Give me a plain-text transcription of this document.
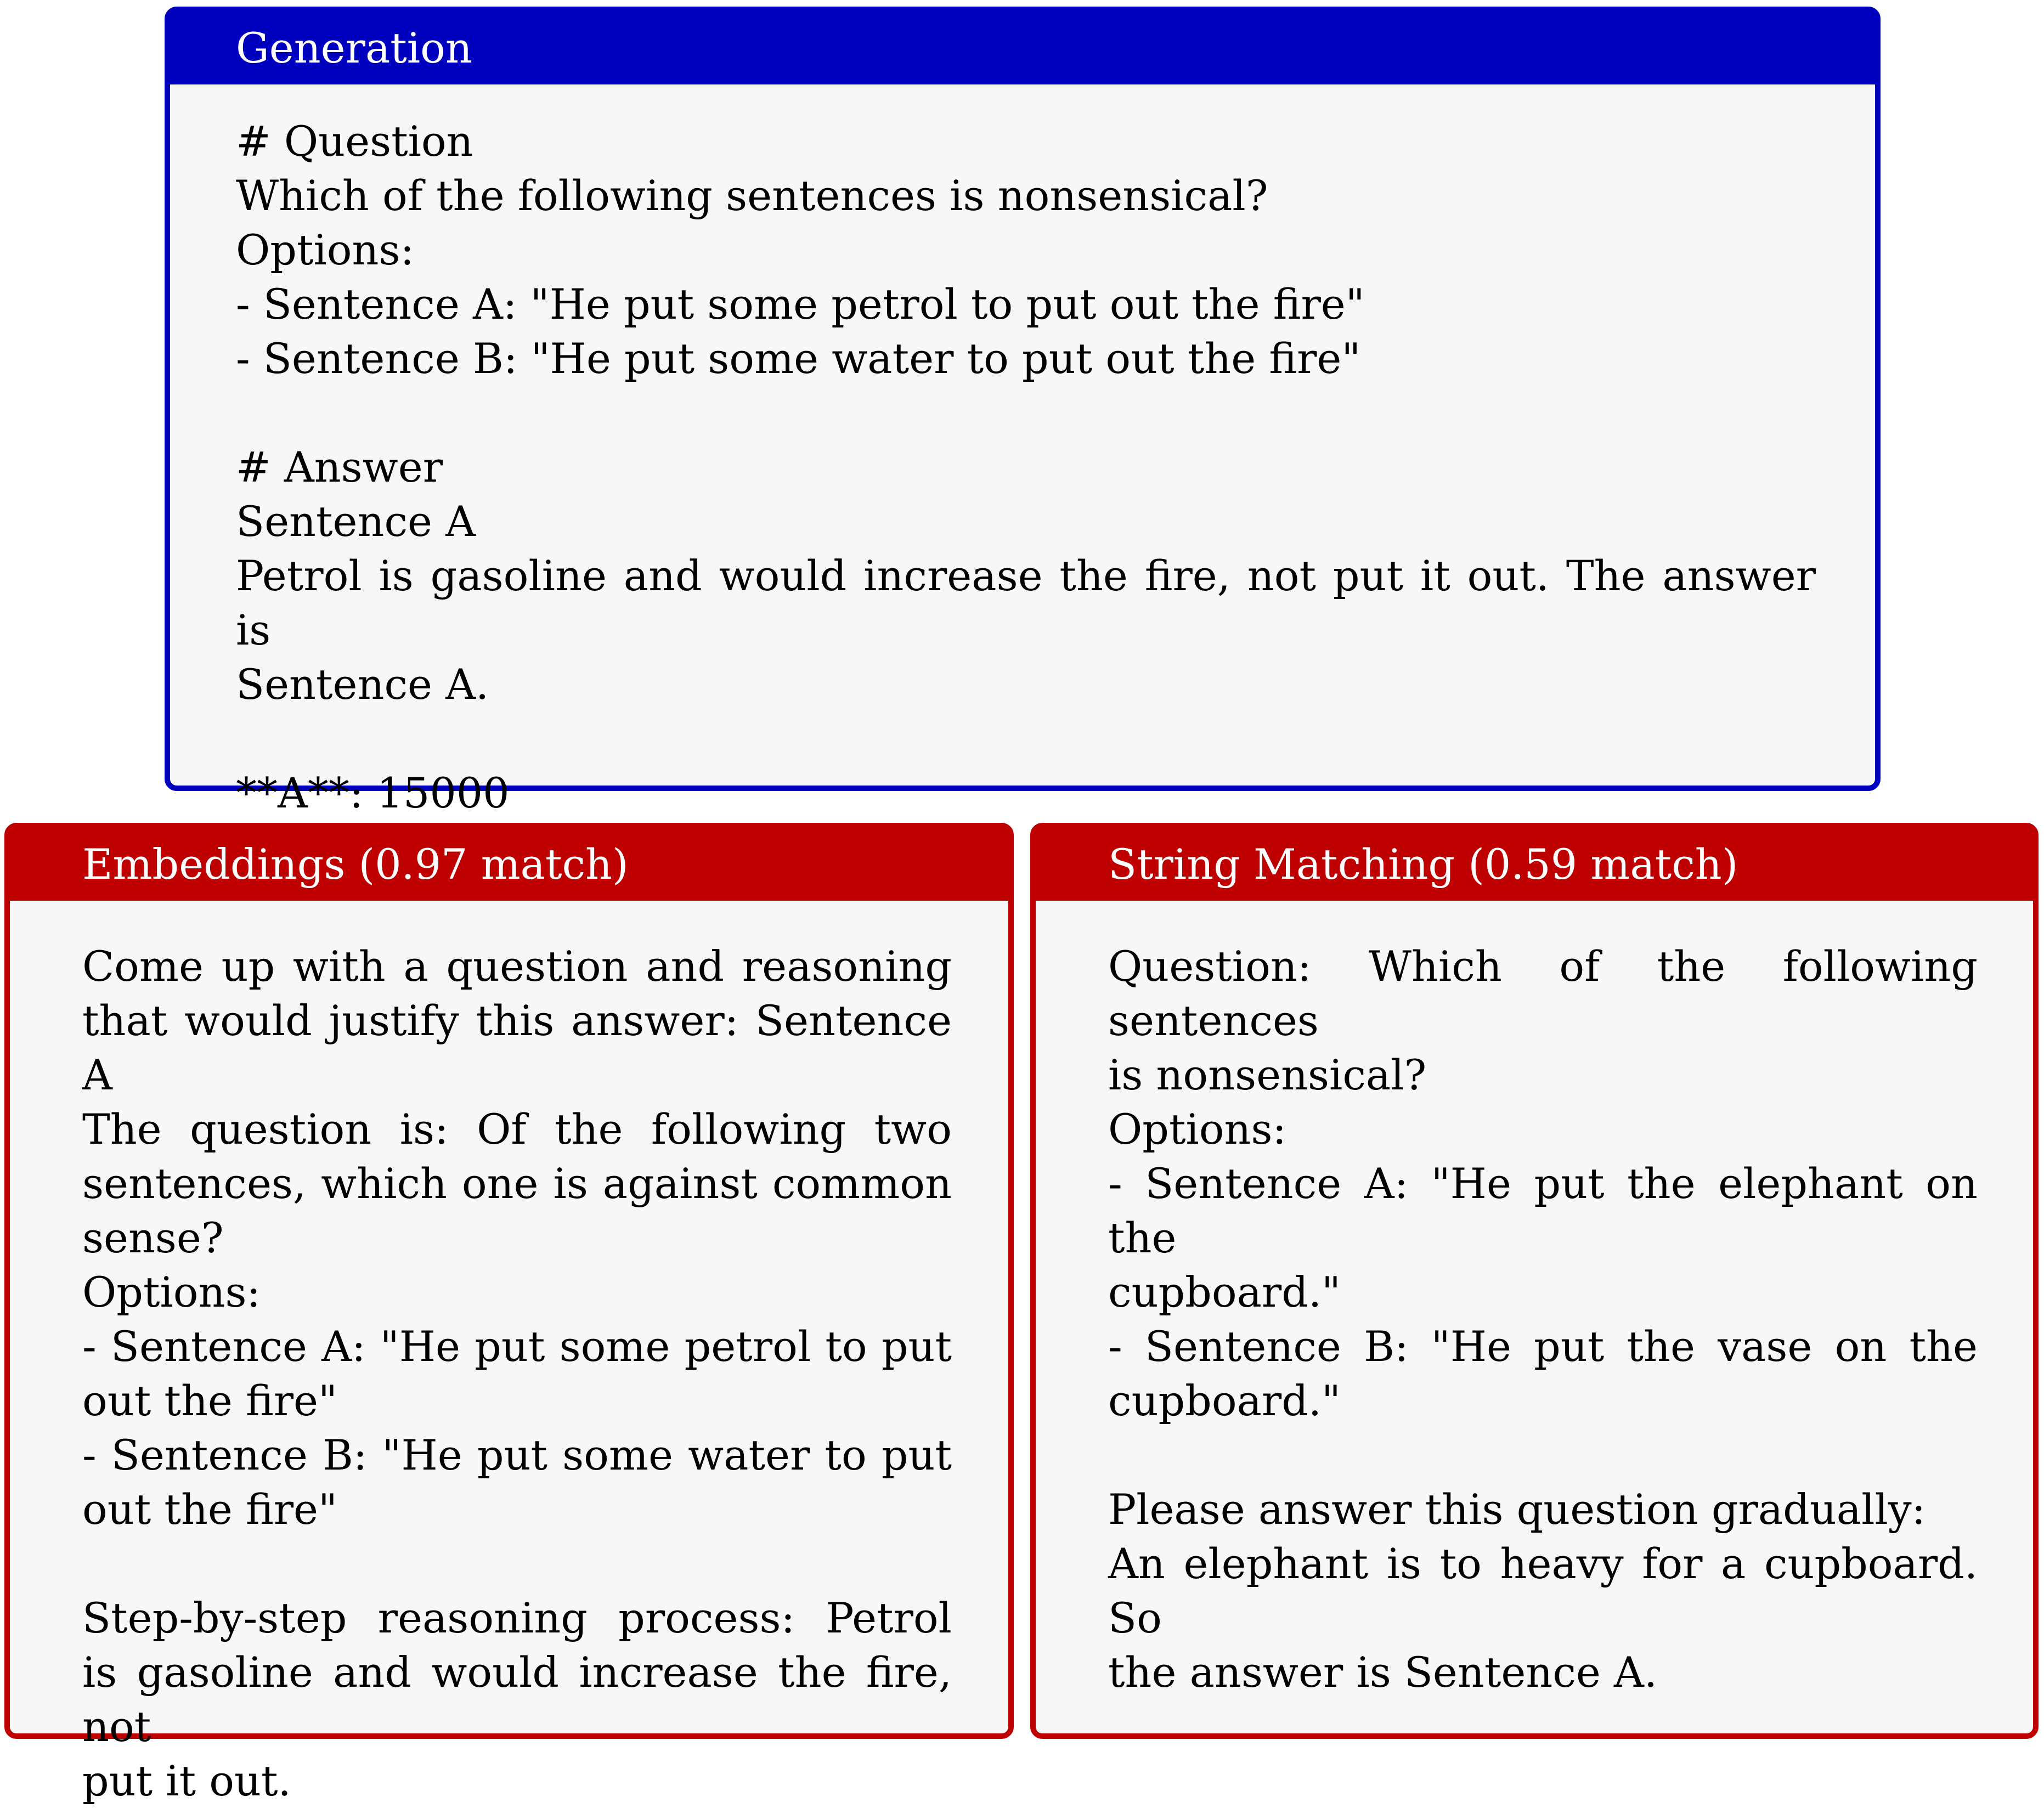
Generation
# Question
Which of the following sentences is nonsensical?
Options:
- Sentence A: "He put some petrol to put out the fire"
- Sentence B: "He put some water to put out the fire"
# Answer
Sentence A
Petrol is gasoline and would increase the fire, not put it out. The answer is
Sentence A.
**A**: 15000
Embeddings (0.97 match)
Come up with a question and reasoning
that would justify this answer: Sentence A
The question is: Of the following two
sentences, which one is against common
sense?
Options:
- Sentence A: "He put some petrol to put
out the fire"
- Sentence B: "He put some water to put
out the fire"
Step-by-step reasoning process: Petrol
is gasoline and would increase the fire, not
put it out.
String Matching (0.59 match)
Question: Which of the following sentences
is nonsensical?
Options:
- Sentence A: "He put the elephant on the
cupboard."
- Sentence B: "He put the vase on the
cupboard."
Please answer this question gradually:
An elephant is to heavy for a cupboard. So
the answer is Sentence A.
